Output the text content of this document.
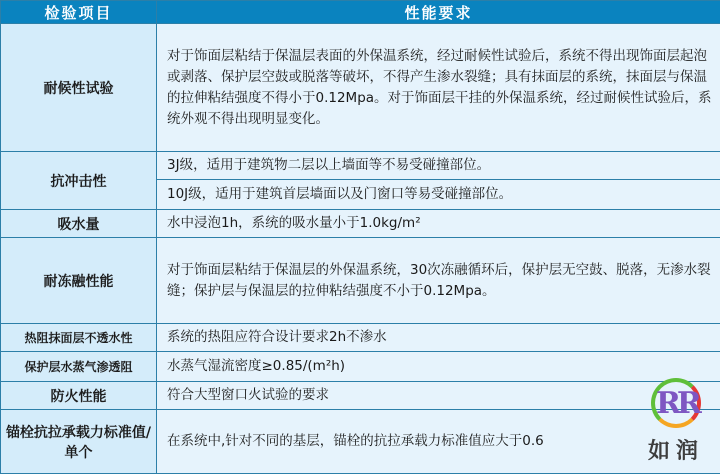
检验项目	性能要求
耐候性试验	对于饰面层粘结于保温层表面的外保温系统，经过耐候性试验后，系统不得出现饰面层起泡或剥落、保护层空鼓或脱落等破坏，不得产生渗水裂缝；具有抹面层的系统，抹面层与保温的拉伸粘结强度不得小于0.12Mpa。对于饰面层干挂的外保温系统，经过耐候性试验后，系统外观不得出现明显变化。
抗冲击性	3J级，适用于建筑物二层以上墙面等不易受碰撞部位。
	10J级，适用于建筑首层墙面以及门窗口等易受碰撞部位。
吸水量	水中浸泡1h，系统的吸水量小于1.0kg/m²
耐冻融性能	对于饰面层粘结于保温层的外保温系统，30次冻融循环后，保护层无空鼓、脱落，无渗水裂缝；保护层与保温层的拉伸粘结强度不小于0.12Mpa。
热阻抹面层不透水性	系统的热阻应符合设计要求2h不渗水
保护层水蒸气渗透阻	水蒸气湿流密度≥0.85/(m²h)
防火性能	符合大型窗口火试验的要求
锚栓抗拉承载力标准值/单个	在系统中,针对不同的基层，锚栓的抗拉承载力标准值应大于0.6
RR
如润
